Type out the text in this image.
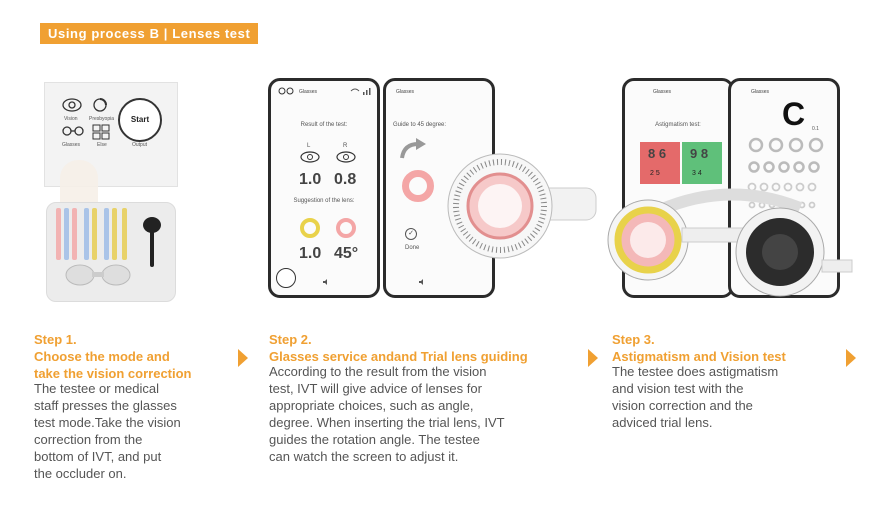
Using process B | Lenses test
Vision Presbyopia
Glasses	Else
Start
Output
Glasses
Result of the test:
L	R
1.0 0.8
Suggestion of the lens:
1.0 45°
Glasses
Guide to 45 degree:
✓
Done
Glasses
Astigmatism test:
8 6
2 5
9 8
3 4
Glasses
C 0.1
Step 1.
Choose the mode and
take the vision correction
The testee or medical
staff presses the glasses
test mode.Take the vision
correction from the
bottom of IVT, and put
the occluder on.
Step 2.
Glasses service andand Trial lens guiding
According to the result from the vision
test, IVT will give advice of lenses for
appropriate choices, such as angle,
degree. When inserting the trial lens, IVT
guides the rotation angle. The testee
can watch the screen to adjust it.
Step 3.
Astigmatism and Vision test
The testee does astigmatism
and vision test with the
vision correction and the
adviced trial lens.
